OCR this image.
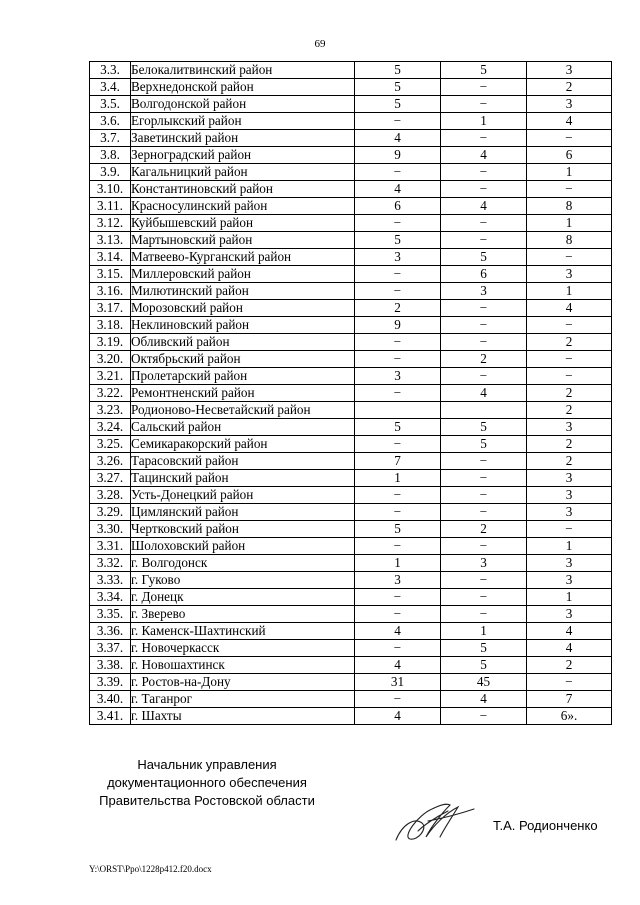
69
3.3.	Белокалитвинский район	5	5	3
3.4.	Верхнедонской район	5	−	2
3.5.	Волгодонской район	5	−	3
3.6.	Егорлыкский район	−	1	4
3.7.	Заветинский район	4	−	−
3.8.	Зерноградский район	9	4	6
3.9.	Кагальницкий район	−	−	1
3.10.	Константиновский район	4	−	−
3.11.	Красносулинский район	6	4	8
3.12.	Куйбышевский район	−	−	1
3.13.	Мартыновский район	5	−	8
3.14.	Матвеево-Курганский район	3	5	−
3.15.	Миллеровский район	−	6	3
3.16.	Милютинский район	−	3	1
3.17.	Морозовский район	2	−	4
3.18.	Неклиновский район	9	−	−
3.19.	Обливский район	−	−	2
3.20.	Октябрьский район	−	2	−
3.21.	Пролетарский район	3	−	−
3.22.	Ремонтненский район	−	4	2
3.23.	Родионово-Несветайский район			2
3.24.	Сальский район	5	5	3
3.25.	Семикаракорский район	−	5	2
3.26.	Тарасовский район	7	−	2
3.27.	Тацинский район	1	−	3
3.28.	Усть-Донецкий район	−	−	3
3.29.	Цимлянский район	−	−	3
3.30.	Чертковский район	5	2	−
3.31.	Шолоховский район	−	−	1
3.32.	г. Волгодонск	1	3	3
3.33.	г. Гуково	3	−	3
3.34.	г. Донецк	−	−	1
3.35.	г. Зверево	−	−	3
3.36.	г. Каменск-Шахтинский	4	1	4
3.37.	г. Новочеркасск	−	5	4
3.38.	г. Новошахтинск	4	5	2
3.39.	г. Ростов-на-Дону	31	45	−
3.40.	г. Таганрог	−	4	7
3.41.	г. Шахты	4	−	6».
Начальник управления
документационного обеспечения
Правительства Ростовской области
Т.А. Родионченко
Y:\ORST\Ppo\1228p412.f20.docx
